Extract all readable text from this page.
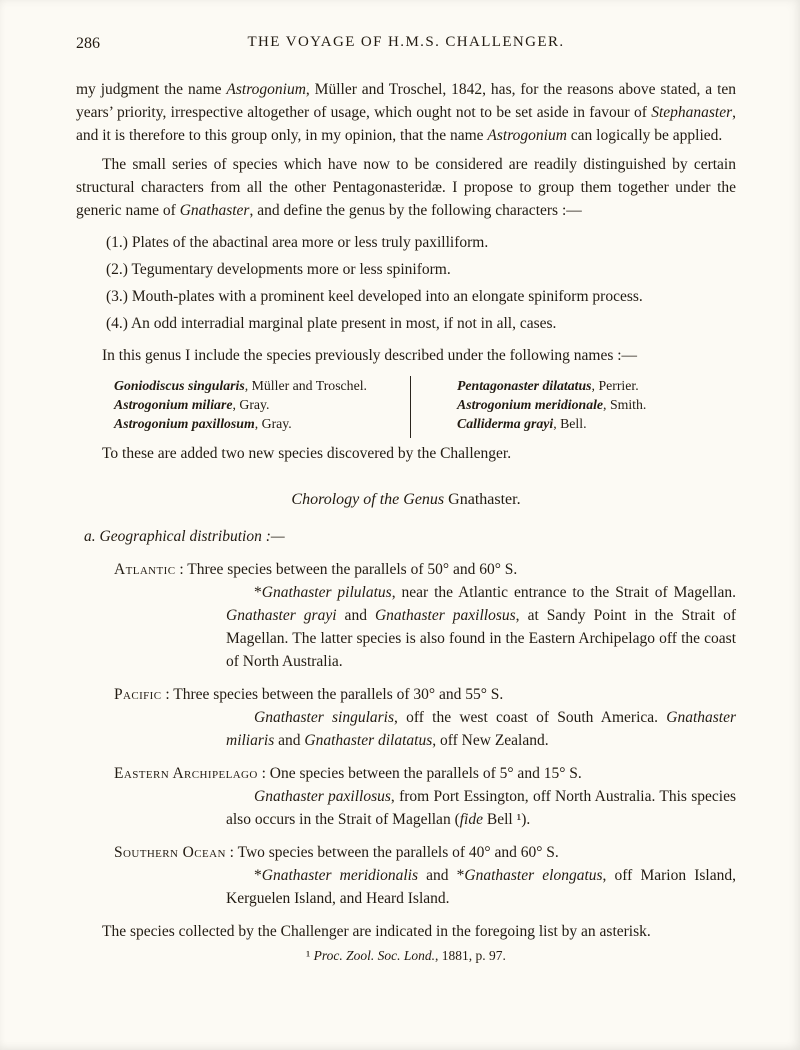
286	THE VOYAGE OF H.M.S. CHALLENGER.

my judgment the name Astrogonium, Müller and Troschel, 1842, has, for the reasons above stated, a ten years’ priority, irrespective altogether of usage, which ought not to be set aside in favour of Stephanaster, and it is therefore to this group only, in my opinion, that the name Astrogonium can logically be applied.

The small series of species which have now to be considered are readily distinguished by certain structural characters from all the other Pentagonasteridæ. I propose to group them together under the generic name of Gnathaster, and define the genus by the following characters :—

(1.) Plates of the abactinal area more or less truly paxilliform.

(2.) Tegumentary developments more or less spiniform.

(3.) Mouth-plates with a prominent keel developed into an elongate spiniform process.

(4.) An odd interradial marginal plate present in most, if not in all, cases.

In this genus I include the species previously described under the following names :—

Goniodiscus singularis, Müller and Troschel.

Astrogonium miliare, Gray.

Astrogonium paxillosum, Gray.

Pentagonaster dilatatus, Perrier.

Astrogonium meridionale, Smith.

Calliderma grayi, Bell.

To these are added two new species discovered by the Challenger.

Chorology of the Genus Gnathaster.

a. Geographical distribution :—

Atlantic : Three species between the parallels of 50° and 60° S.

*Gnathaster pilulatus, near the Atlantic entrance to the Strait of Magellan. Gnathaster grayi and Gnathaster paxillosus, at Sandy Point in the Strait of Magellan. The latter species is also found in the Eastern Archipelago off the coast of North Australia.

Pacific : Three species between the parallels of 30° and 55° S.

Gnathaster singularis, off the west coast of South America. Gnathaster miliaris and Gnathaster dilatatus, off New Zealand.

Eastern Archipelago : One species between the parallels of 5° and 15° S.

Gnathaster paxillosus, from Port Essington, off North Australia. This species also occurs in the Strait of Magellan (fide Bell ¹).

Southern Ocean : Two species between the parallels of 40° and 60° S.

*Gnathaster meridionalis and *Gnathaster elongatus, off Marion Island, Kerguelen Island, and Heard Island.

The species collected by the Challenger are indicated in the foregoing list by an asterisk.

¹ Proc. Zool. Soc. Lond., 1881, p. 97.
